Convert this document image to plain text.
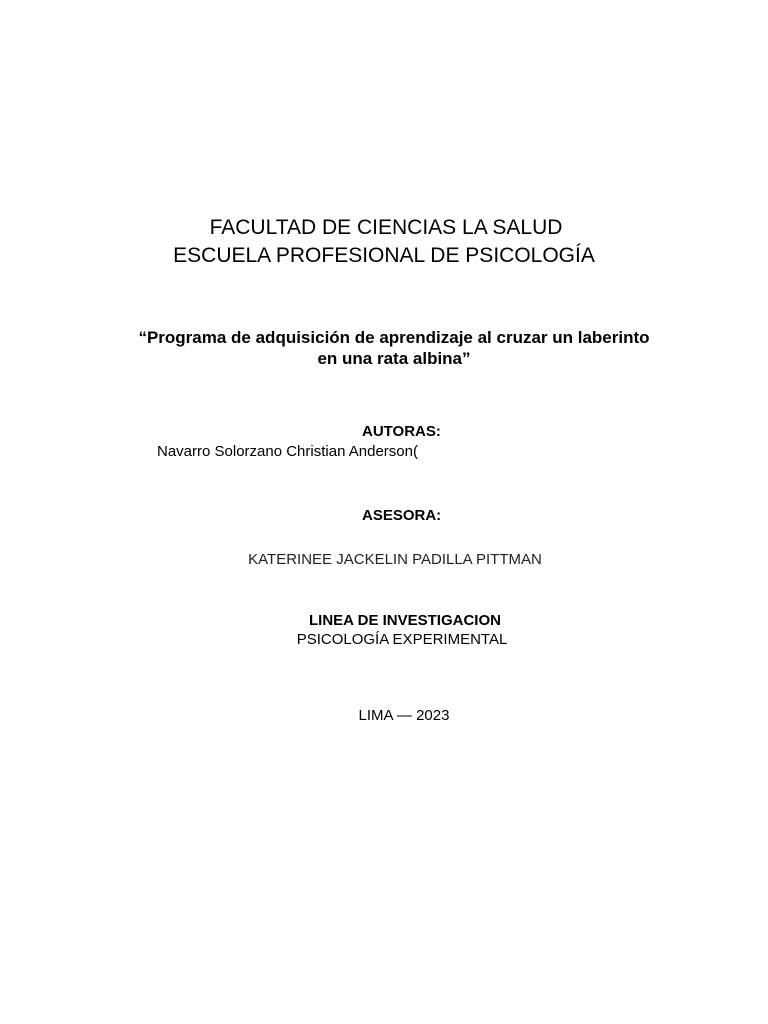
FACULTAD DE CIENCIAS LA SALUD
ESCUELA PROFESIONAL DE PSICOLOGÍA
“Programa de adquisición de aprendizaje al cruzar un laberinto
en una rata albina”
AUTORAS:
Navarro Solorzano Christian Anderson(
ASESORA:
KATERINEE JACKELIN PADILLA PITTMAN
LINEA DE INVESTIGACION
PSICOLOGÍA EXPERIMENTAL
LIMA — 2023
